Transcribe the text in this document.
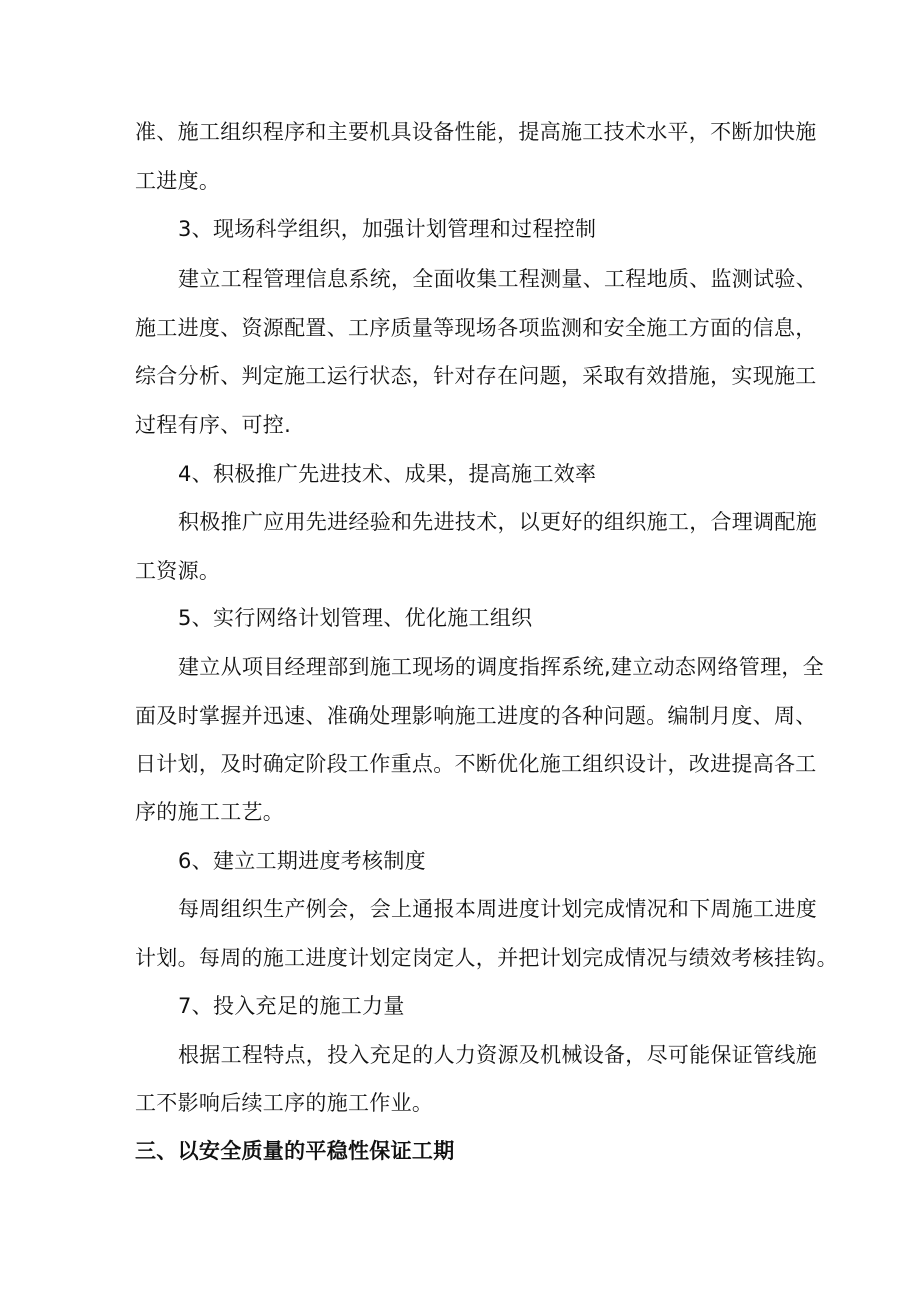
准、施工组织程序和主要机具设备性能，提高施工技术水平，不断加快施
工进度。
3、现场科学组织，加强计划管理和过程控制
建立工程管理信息系统，全面收集工程测量、工程地质、监测试验、
施工进度、资源配置、工序质量等现场各项监测和安全施工方面的信息，
综合分析、判定施工运行状态，针对存在问题，采取有效措施，实现施工
过程有序、可控.
4、积极推广先进技术、成果，提高施工效率
积极推广应用先进经验和先进技术，以更好的组织施工，合理调配施
工资源。
5、实行网络计划管理、优化施工组织
建立从项目经理部到施工现场的调度指挥系统,建立动态网络管理，全
面及时掌握并迅速、准确处理影响施工进度的各种问题。编制月度、周、
日计划，及时确定阶段工作重点。不断优化施工组织设计，改进提高各工
序的施工工艺。
6、建立工期进度考核制度
每周组织生产例会，会上通报本周进度计划完成情况和下周施工进度
计划。每周的施工进度计划定岗定人，并把计划完成情况与绩效考核挂钩。
7、投入充足的施工力量
根据工程特点，投入充足的人力资源及机械设备，尽可能保证管线施
工不影响后续工序的施工作业。
三、以安全质量的平稳性保证工期
